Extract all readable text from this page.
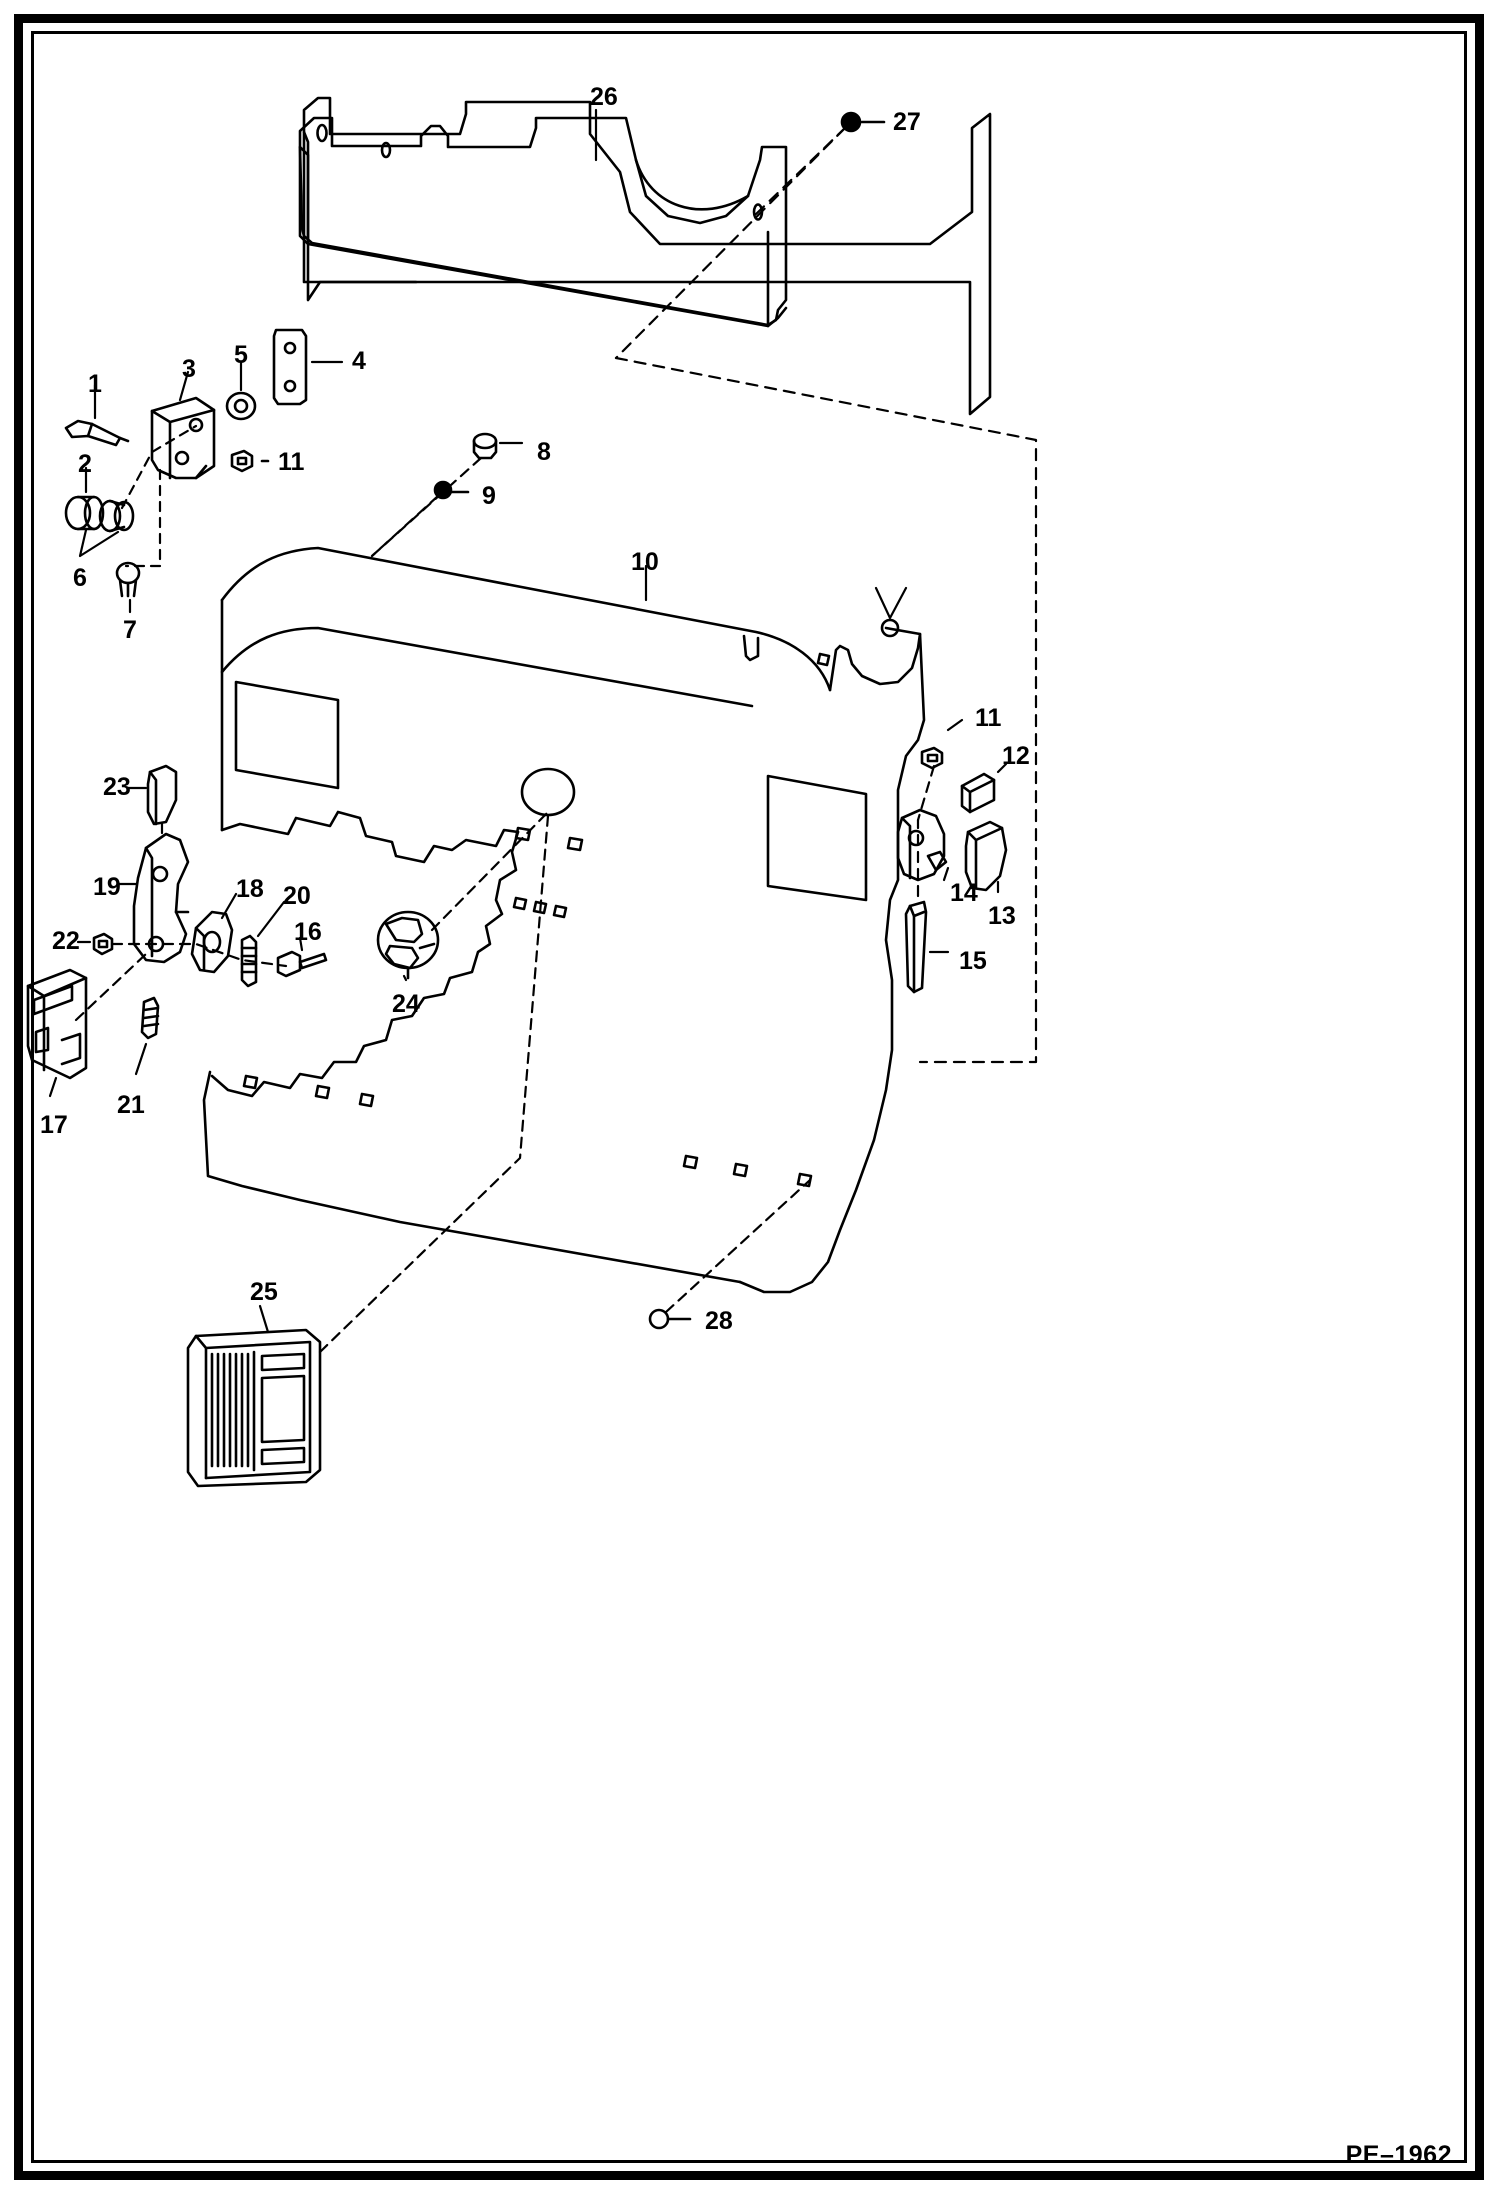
1
2
3	4
5
6
7
8
9
10
11
12
13
14
15
16
17
18
19	20
21
22
23
24
25
26
27
28
11
PE–1962
